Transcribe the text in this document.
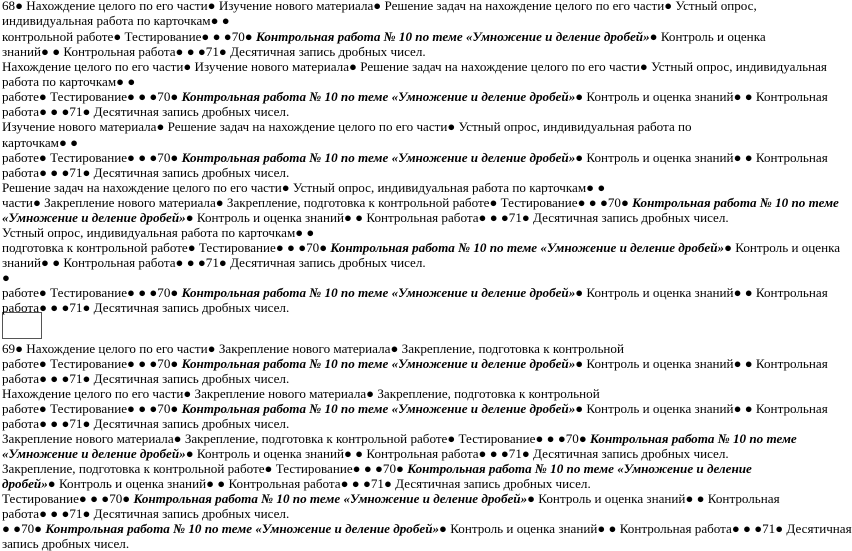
68● Нахождение целого по его части● Изучение нового материала● Решение задач на нахождение целого по его части● Устный опрос,
индивидуальная работа по карточкам● ●
контрольной работе● Тестирование● ● ●70● Контрольная работа № 10 по теме «Умножение и деление дробей»● Контроль и оценка
знаний● ● Контрольная работа● ● ●71● Десятичная запись дробных чисел.
Нахождение целого по его части● Изучение нового материала● Решение задач на нахождение целого по его части● Устный опрос, индивидуальная
работа по карточкам● ●
работе● Тестирование● ● ●70● Контрольная работа № 10 по теме «Умножение и деление дробей»● Контроль и оценка знаний● ● Контрольная
работа● ● ●71● Десятичная запись дробных чисел.
Изучение нового материала● Решение задач на нахождение целого по его части● Устный опрос, индивидуальная работа по
карточкам● ●
работе● Тестирование● ● ●70● Контрольная работа № 10 по теме «Умножение и деление дробей»● Контроль и оценка знаний● ● Контрольная
работа● ● ●71● Десятичная запись дробных чисел.
Решение задач на нахождение целого по его части● Устный опрос, индивидуальная работа по карточкам● ●
части● Закрепление нового материала● Закрепление, подготовка к контрольной работе● Тестирование● ● ●70● Контрольная работа № 10 по теме
«Умножение и деление дробей»● Контроль и оценка знаний● ● Контрольная работа● ● ●71● Десятичная запись дробных чисел.
Устный опрос, индивидуальная работа по карточкам● ●
подготовка к контрольной работе● Тестирование● ● ●70● Контрольная работа № 10 по теме «Умножение и деление дробей»● Контроль и оценка
знаний● ● Контрольная работа● ● ●71● Десятичная запись дробных чисел.
●
работе● Тестирование● ● ●70● Контрольная работа № 10 по теме «Умножение и деление дробей»● Контроль и оценка знаний● ● Контрольная
работа● ● ●71● Десятичная запись дробных чисел.
69● Нахождение целого по его части● Закрепление нового материала● Закрепление, подготовка к контрольной
работе● Тестирование● ● ●70● Контрольная работа № 10 по теме «Умножение и деление дробей»● Контроль и оценка знаний● ● Контрольная
работа● ● ●71● Десятичная запись дробных чисел.
Нахождение целого по его части● Закрепление нового материала● Закрепление, подготовка к контрольной
работе● Тестирование● ● ●70● Контрольная работа № 10 по теме «Умножение и деление дробей»● Контроль и оценка знаний● ● Контрольная
работа● ● ●71● Десятичная запись дробных чисел.
Закрепление нового материала● Закрепление, подготовка к контрольной работе● Тестирование● ● ●70● Контрольная работа № 10 по теме
«Умножение и деление дробей»● Контроль и оценка знаний● ● Контрольная работа● ● ●71● Десятичная запись дробных чисел.
Закрепление, подготовка к контрольной работе● Тестирование● ● ●70● Контрольная работа № 10 по теме «Умножение и деление
дробей»● Контроль и оценка знаний● ● Контрольная работа● ● ●71● Десятичная запись дробных чисел.
Тестирование● ● ●70● Контрольная работа № 10 по теме «Умножение и деление дробей»● Контроль и оценка знаний● ● Контрольная
работа● ● ●71● Десятичная запись дробных чисел.
● ●70● Контрольная работа № 10 по теме «Умножение и деление дробей»● Контроль и оценка знаний● ● Контрольная работа● ● ●71● Десятичная
запись дробных чисел.
